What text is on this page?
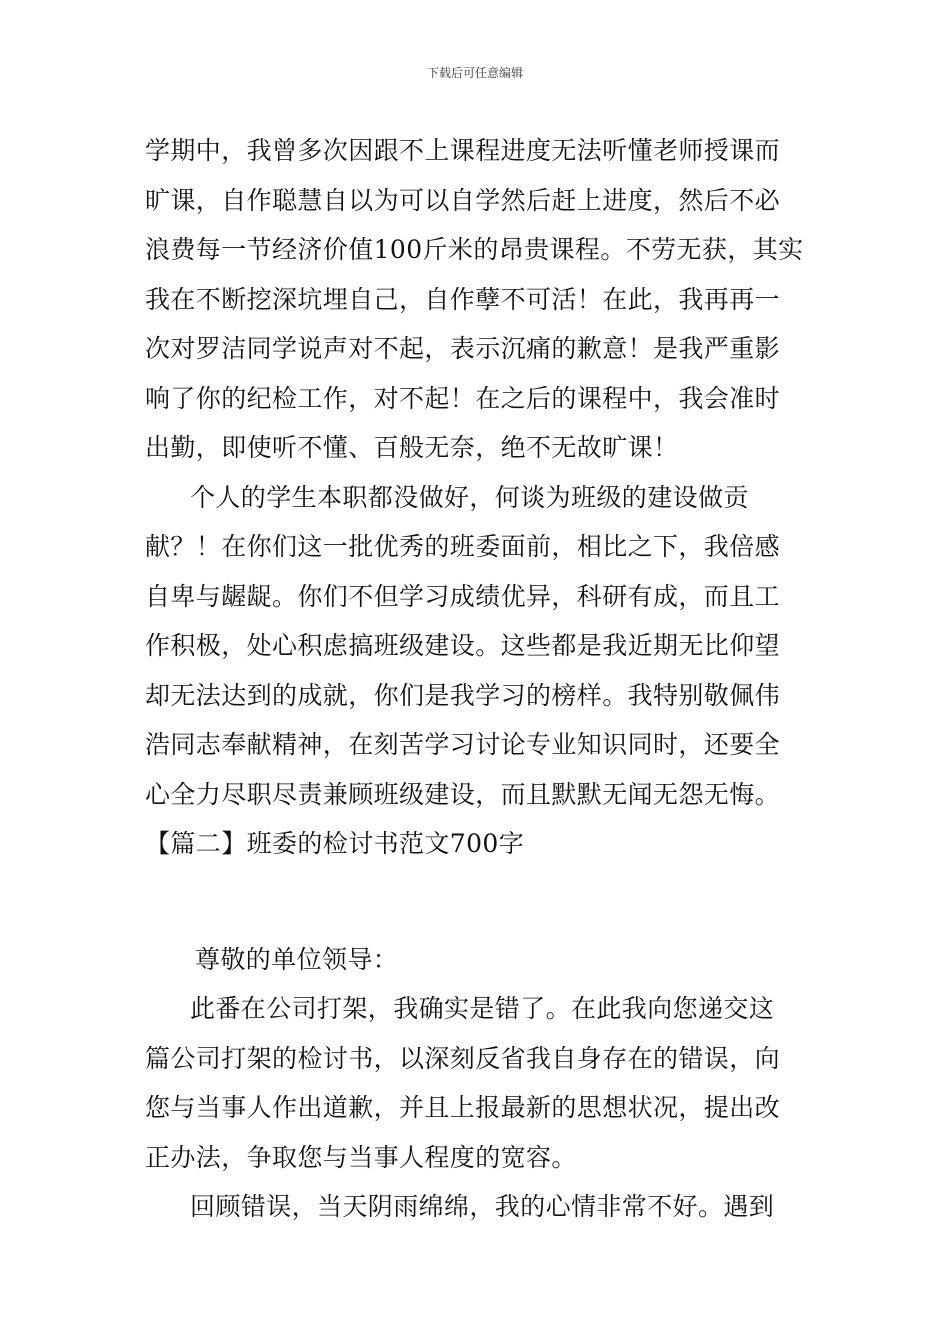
下载后可任意编辑
学期中，我曾多次因跟不上课程进度无法听懂老师授课而
旷课，自作聪慧自以为可以自学然后赶上进度，然后不必
浪费每一节经济价值100斤米的昂贵课程。不劳无获，其实
我在不断挖深坑埋自己，自作孽不可活！在此，我再再一
次对罗洁同学说声对不起，表示沉痛的歉意！是我严重影
响了你的纪检工作，对不起！在之后的课程中，我会准时
出勤，即使听不懂、百般无奈，绝不无故旷课！
个人的学生本职都没做好，何谈为班级的建设做贡
献？！在你们这一批优秀的班委面前，相比之下，我倍感
自卑与龌龊。你们不但学习成绩优异，科研有成，而且工
作积极，处心积虑搞班级建设。这些都是我近期无比仰望
却无法达到的成就，你们是我学习的榜样。我特别敬佩伟
浩同志奉献精神，在刻苦学习讨论专业知识同时，还要全
心全力尽职尽责兼顾班级建设，而且默默无闻无怨无悔。
【篇二】班委的检讨书范文700字
尊敬的单位领导：
此番在公司打架，我确实是错了。在此我向您递交这
篇公司打架的检讨书，以深刻反省我自身存在的错误，向
您与当事人作出道歉，并且上报最新的思想状况，提出改
正办法，争取您与当事人程度的宽容。
回顾错误，当天阴雨绵绵，我的心情非常不好。遇到
